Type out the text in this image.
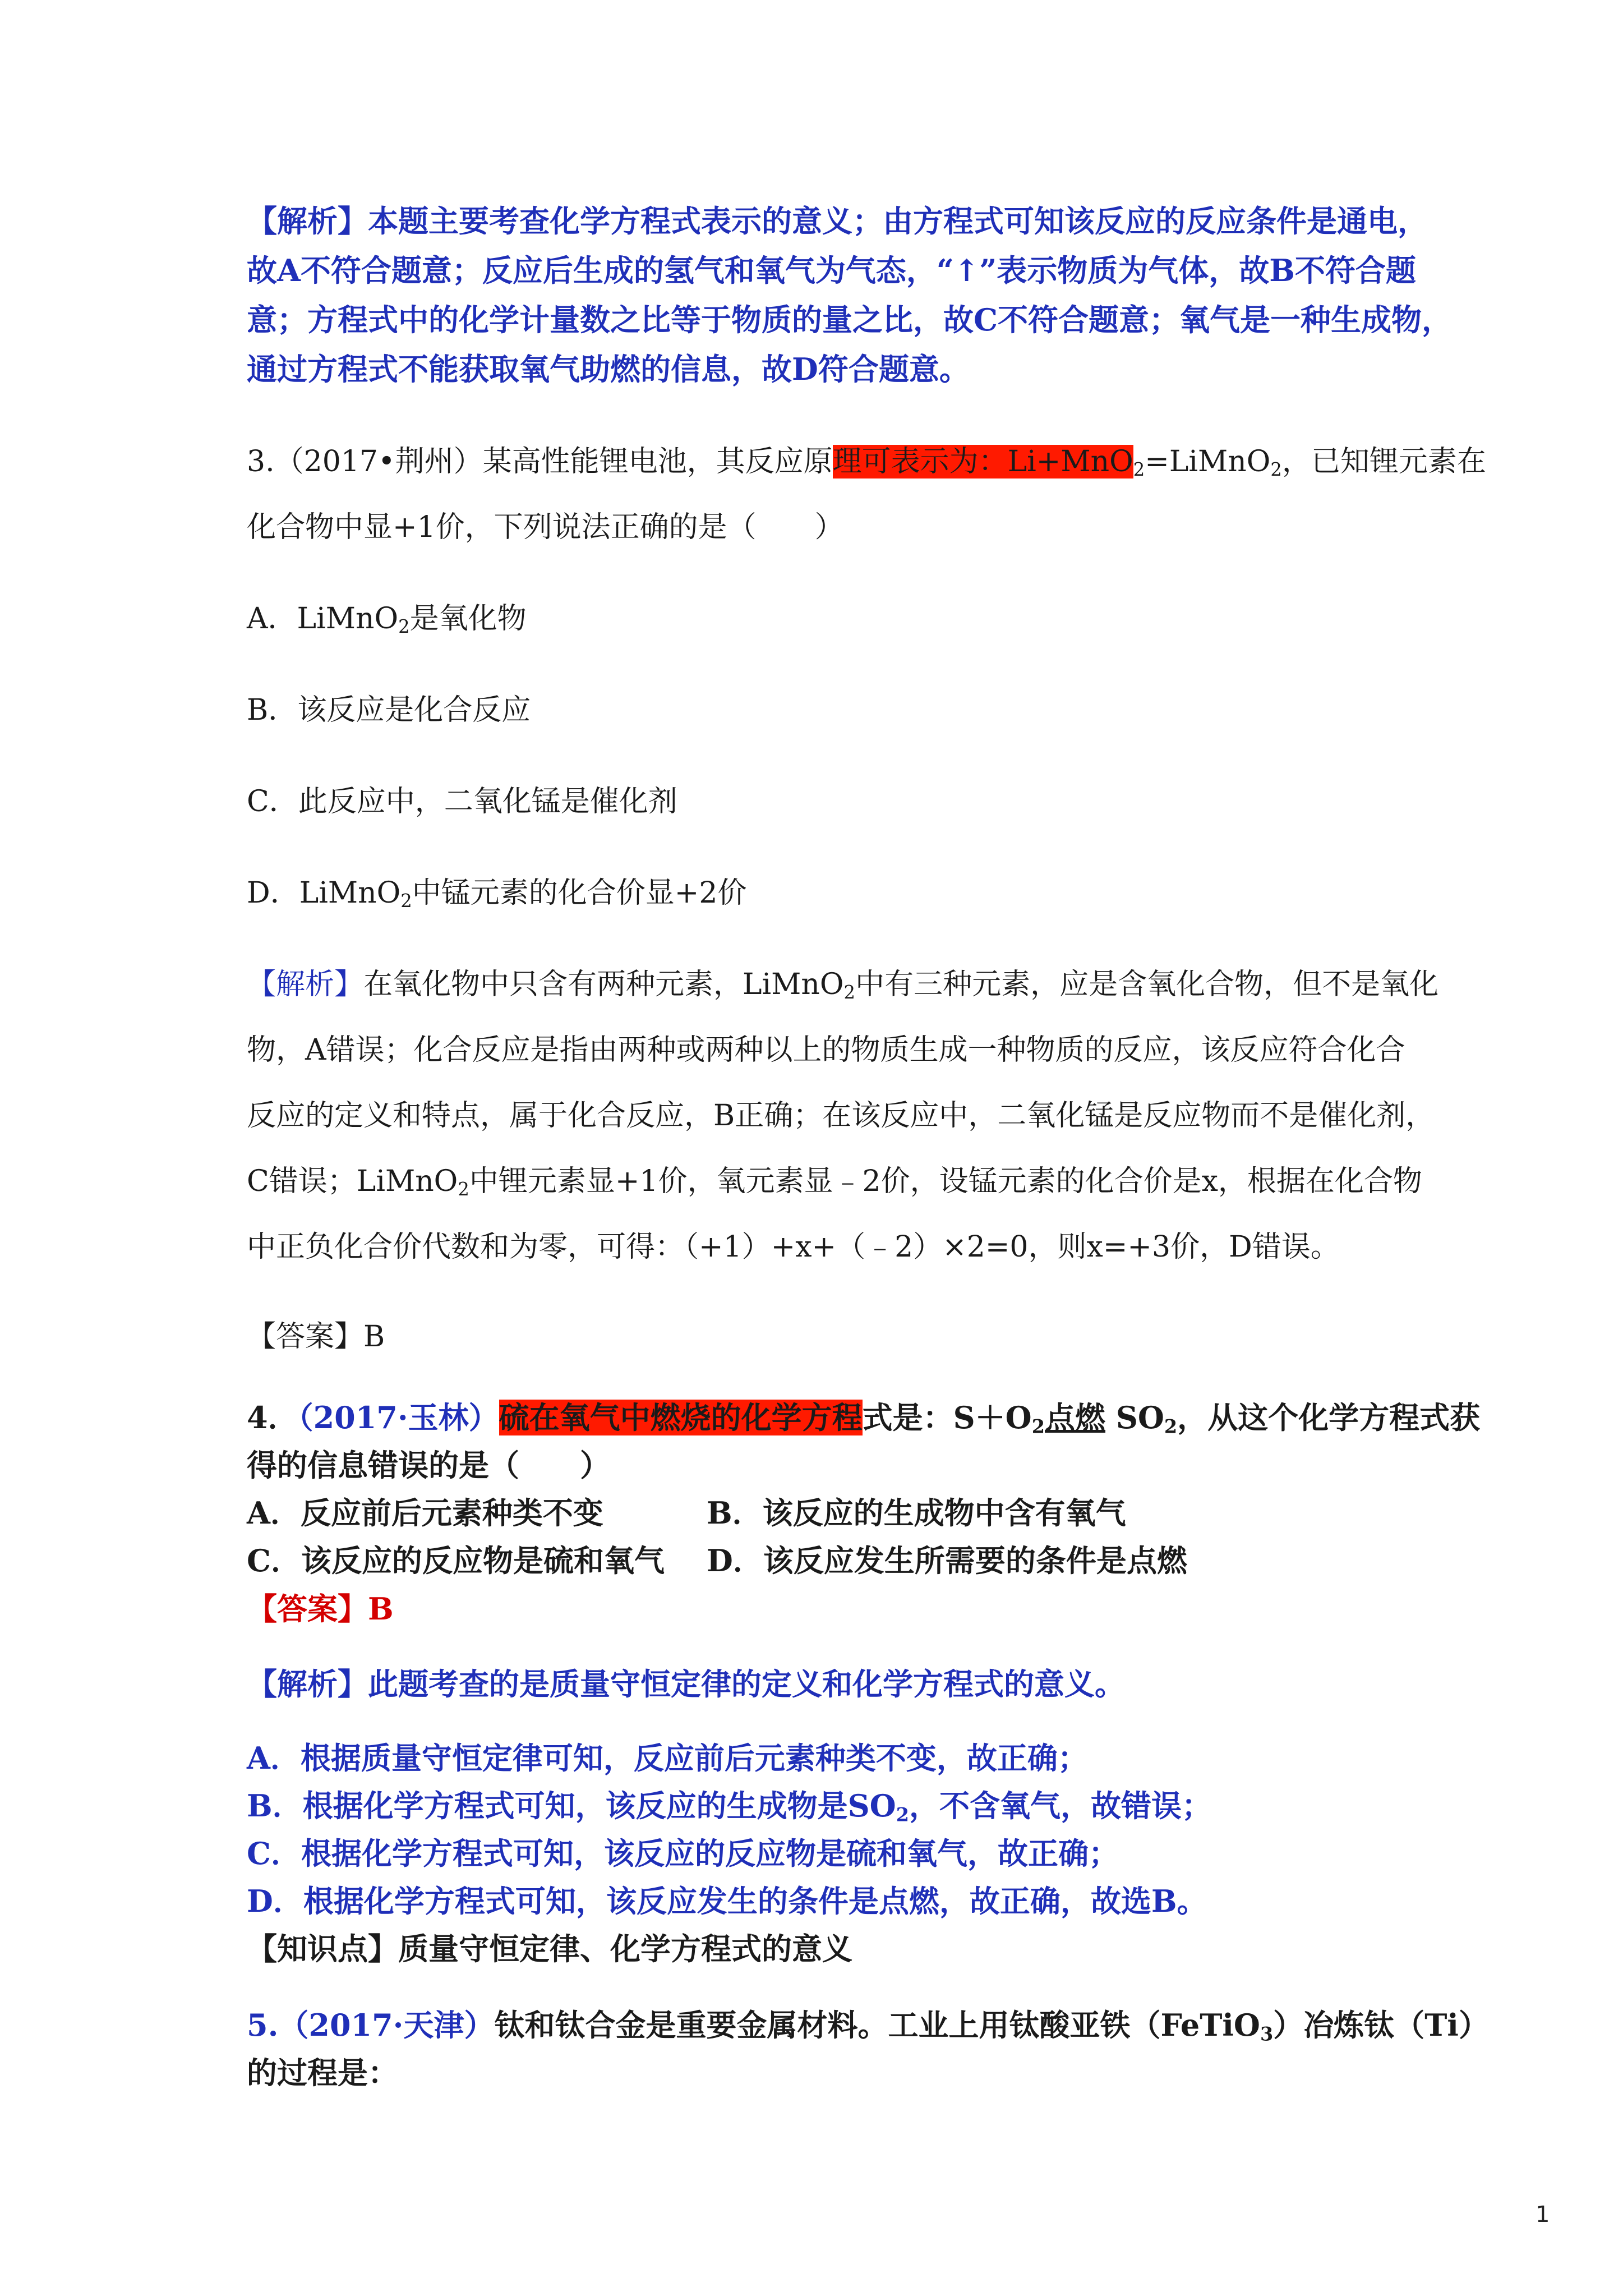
【解析】本题主要考查化学方程式表示的意义；由方程式可知该反应的反应条件是通电，
故A不符合题意；反应后生成的氢气和氧气为气态，“↑”表示物质为气体，故B不符合题
意；方程式中的化学计量数之比等于物质的量之比，故C不符合题意；氧气是一种生成物，
通过方程式不能获取氧气助燃的信息，故D符合题意。
3.（2017•荆州）某高性能锂电池，其反应原理可表示为：Li+MnO$_2$=LiMnO$_2$，已知锂元素在
化合物中显+1价，下列说法正确的是（　　）
A．LiMnO$_2$是氧化物
B．该反应是化合反应
C．此反应中，二氧化锰是催化剂
D．LiMnO$_2$中锰元素的化合价显+2价
【解析】在氧化物中只含有两种元素，LiMnO$_2$中有三种元素，应是含氧化合物，但不是氧化
物，A错误；化合反应是指由两种或两种以上的物质生成一种物质的反应，该反应符合化合
反应的定义和特点，属于化合反应，B正确；在该反应中，二氧化锰是反应物而不是催化剂，
C错误；LiMnO$_2$中锂元素显+1价，氧元素显﹣2价，设锰元素的化合价是x，根据在化合物
中正负化合价代数和为零，可得：（+1）+x+（﹣2）×2=0，则x=+3价，D错误。
【答案】B
4．（2017·玉林）硫在氧气中燃烧的化学方程式是：$S+O_2$点燃 $SO_2$，从这个化学方程式获
得的信息错误的是（　　）
A．反应前后元素种类不变	B．该反应的生成物中含有氧气
C．该反应的反应物是硫和氧气 D．该反应发生所需要的条件是点燃
【答案】B
【解析】此题考查的是质量守恒定律的定义和化学方程式的意义。
A．根据质量守恒定律可知，反应前后元素种类不变，故正确；
B．根据化学方程式可知，该反应的生成物是$SO_2$，不含氧气，故错误；
C．根据化学方程式可知，该反应的反应物是硫和氧气，故正确；
D．根据化学方程式可知，该反应发生的条件是点燃，故正确，故选B。
【知识点】质量守恒定律、化学方程式的意义
5.（2017·天津）钛和钛合金是重要金属材料。工业上用钛酸亚铁（FeTiO$_3$）冶炼钛（Ti）
的过程是：
1
